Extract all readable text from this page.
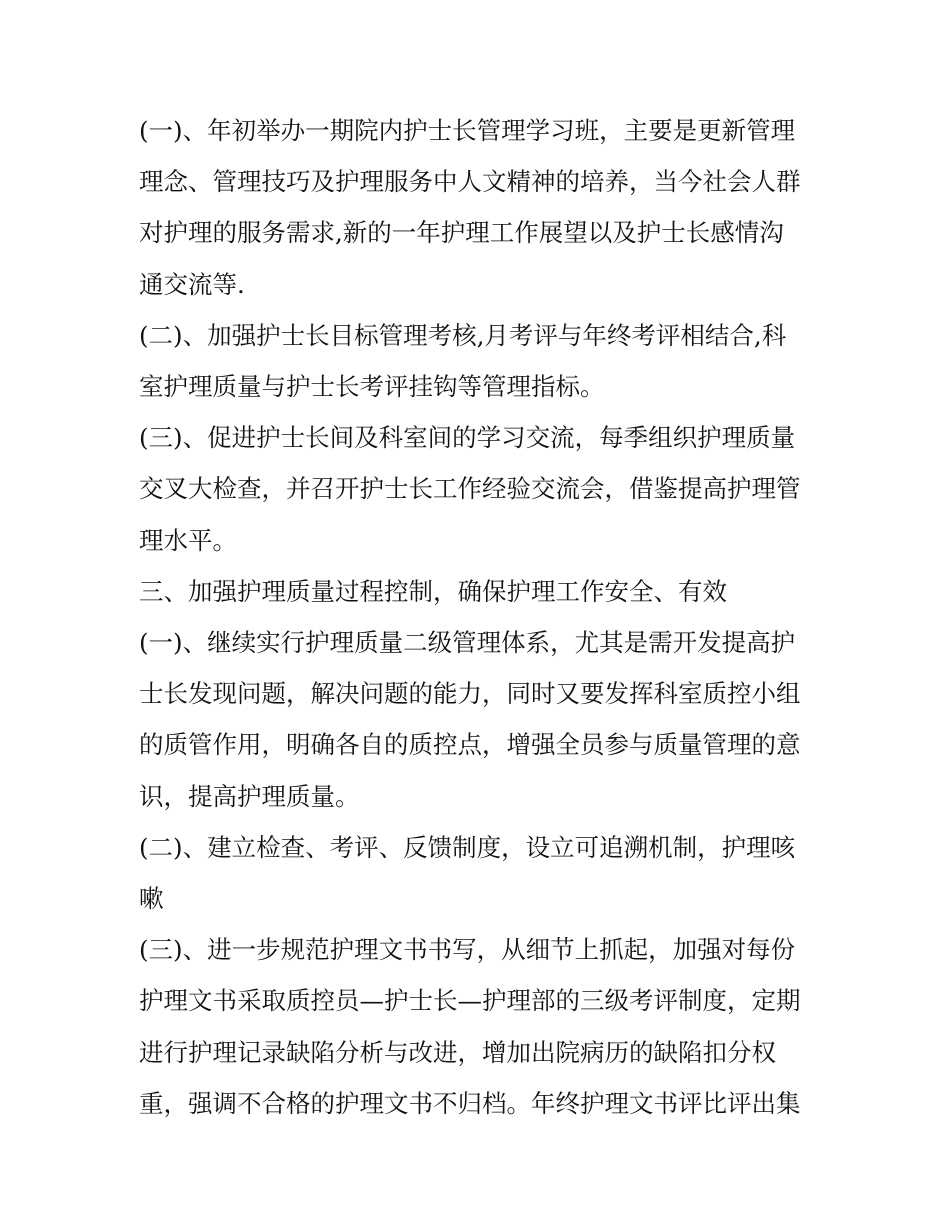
(一)、年初举办一期院内护士长管理学习班，主要是更新管理
理念、管理技巧及护理服务中人文精神的培养，当今社会人群
对护理的服务需求,新的一年护理工作展望以及护士长感情沟
通交流等.

(二)、加强护士长目标管理考核,月考评与年终考评相结合,科
室护理质量与护士长考评挂钩等管理指标。

(三)、促进护士长间及科室间的学习交流，每季组织护理质量
交叉大检查，并召开护士长工作经验交流会，借鉴提高护理管
理水平。

三、加强护理质量过程控制，确保护理工作安全、有效

(一)、继续实行护理质量二级管理体系，尤其是需开发提高护
士长发现问题，解决问题的能力，同时又要发挥科室质控小组
的质管作用，明确各自的质控点，增强全员参与质量管理的意
识，提高护理质量。

(二)、建立检查、考评、反馈制度，设立可追溯机制，护理咳
嗽

(三)、进一步规范护理文书书写，从细节上抓起，加强对每份
护理文书采取质控员—护士长—护理部的三级考评制度，定期
进行护理记录缺陷分析与改进，增加出院病历的缺陷扣分权
重，强调不合格的护理文书不归档。年终护理文书评比评出集
